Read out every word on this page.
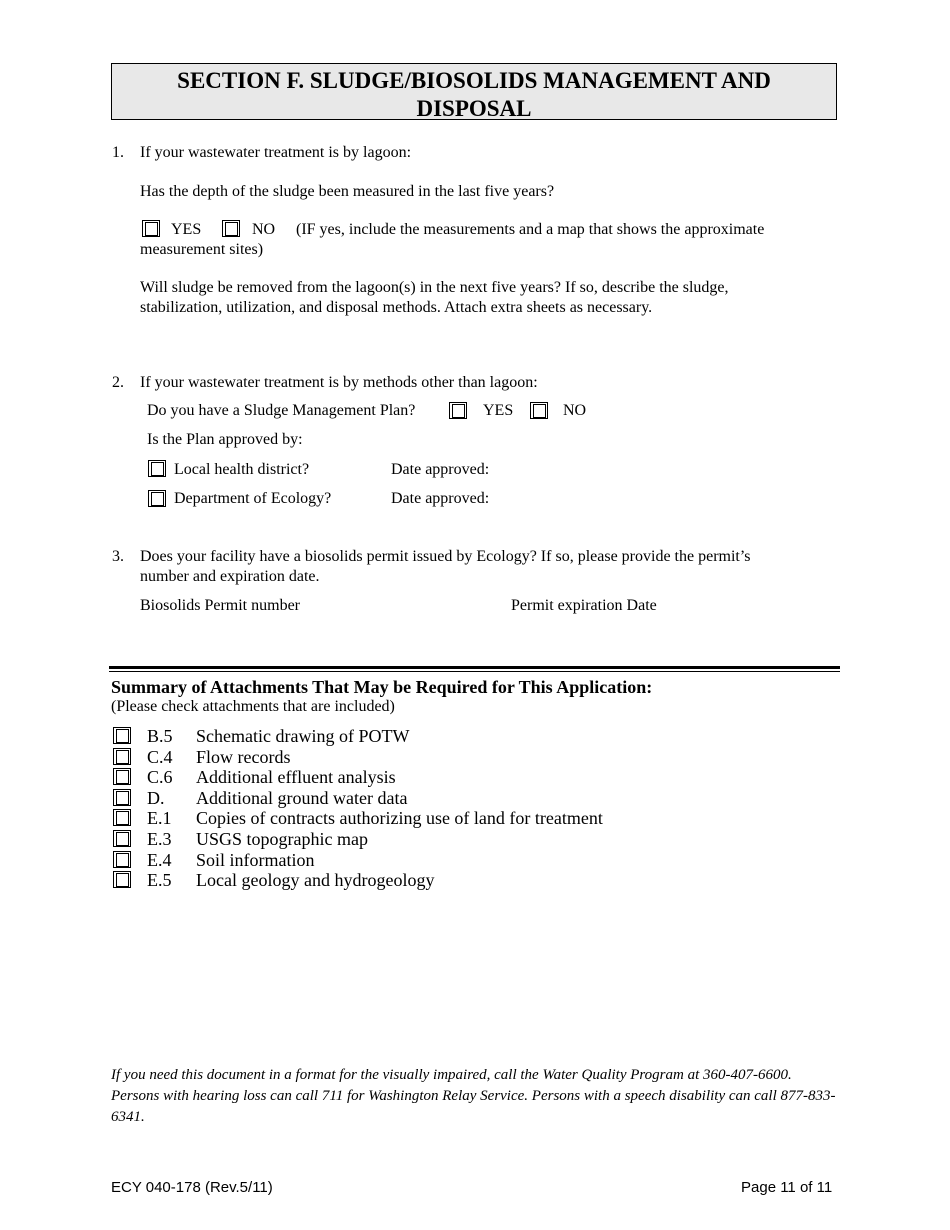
SECTION F. SLUDGE/BIOSOLIDS MANAGEMENT AND
DISPOSAL
1. If your wastewater treatment is by lagoon:
Has the depth of the sludge been measured in the last five years?
YES	NO (IF yes, include the measurements and a map that shows the approximate
measurement sites)
Will sludge be removed from the lagoon(s) in the next five years? If so, describe the sludge,
stabilization, utilization, and disposal methods. Attach extra sheets as necessary.
2. If your wastewater treatment is by methods other than lagoon:
Do you have a Sludge Management Plan?	YES	NO
Is the Plan approved by:
Local health district?	Date approved:
Department of Ecology?	Date approved:
3. Does your facility have a biosolids permit issued by Ecology? If so, please provide the permit’s
number and expiration date.
Biosolids Permit number	Permit expiration Date
Summary of Attachments That May be Required for This Application:
(Please check attachments that are included)
B.5 Schematic drawing of POTW
C.4 Flow records
C.6 Additional effluent analysis
D. Additional ground water data
E.1 Copies of contracts authorizing use of land for treatment
E.3 USGS topographic map
E.4 Soil information
E.5 Local geology and hydrogeology
If you need this document in a format for the visually impaired, call the Water Quality Program at 360-407-6600. Persons with hearing loss can call 711 for Washington Relay Service. Persons with a speech disability can call 877-833-6341.
ECY 040-178 (Rev.5/11)	Page 11 of 11
